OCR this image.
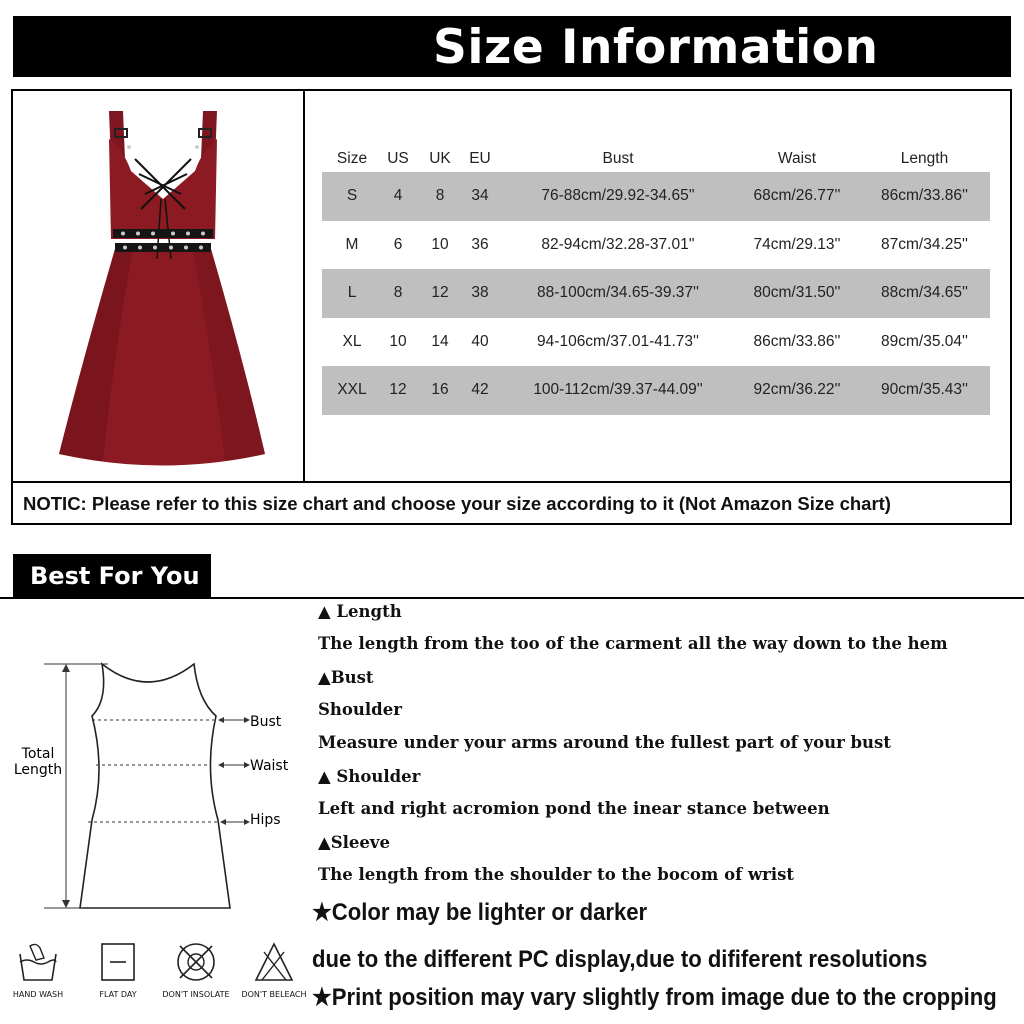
Size Information
NOTIC: Please refer to this size chart and choose your size according to it (Not Amazon Size chart)
Size	US	UK	EU	Bust	Waist	Length
S	4	8	34	76-88cm/29.92-34.65''	68cm/26.77''	86cm/33.86''
M	6	10	36	82-94cm/32.28-37.01''	74cm/29.13''	87cm/34.25''
L	8	12	38	88-100cm/34.65-39.37''	80cm/31.50''	88cm/34.65''
XL	10	14	40	94-106cm/37.01-41.73''	86cm/33.86''	89cm/35.04''
XXL	12	16	42	100-112cm/39.37-44.09''	92cm/36.22''	90cm/35.43''
Best For You
Total
Length
Bust
Waist
Hips
▲ Length
The length from the too of the carment all the way down to the hem
▲Bust
Shoulder
Measure under your arms around the fullest part of your bust
▲ Shoulder
Left and right acromion pond the inear stance between
▲Sleeve
The length from the shoulder to the bocom of wrist
★Color may be lighter or darker
due to the different PC display,due to dififerent resolutions
★Print position may vary slightly from image due to the cropping
HAND WASH	FLAT DAY	DON'T INSOLATE	DON'T BELEACH
